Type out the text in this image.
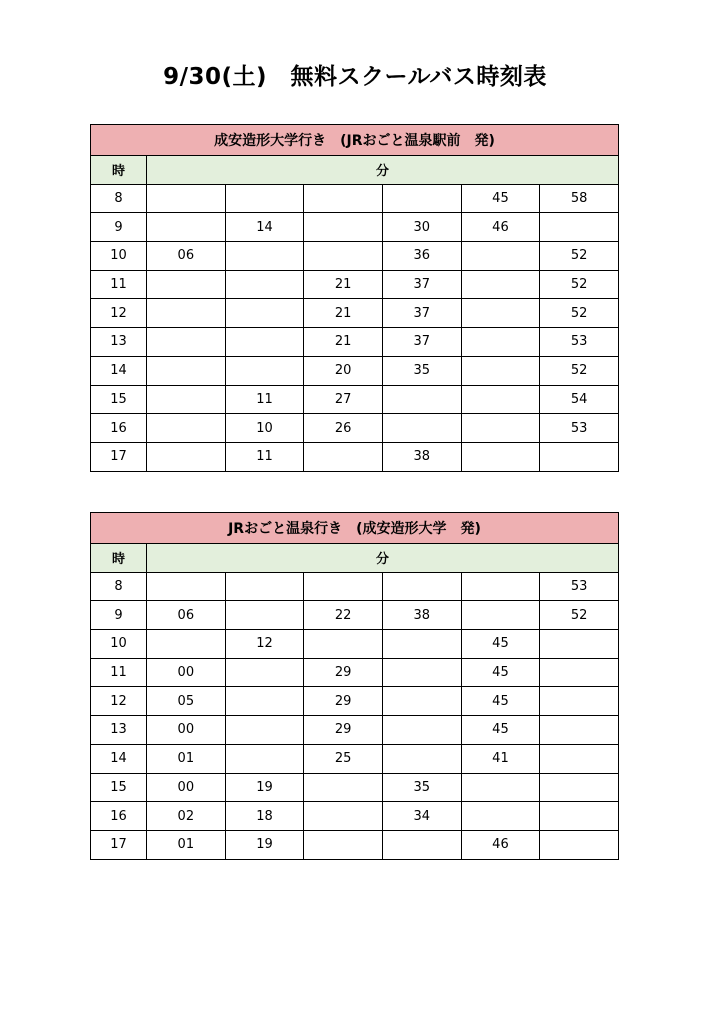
9/30(土)　無料スクールバス時刻表
成安造形大学行き　(JRおごと温泉駅前　発)						
時	分					
8					45	58
9		14		30	46	
10	06			36		52
11			21	37		52
12			21	37		52
13			21	37		53
14			20	35		52
15		11	27			54
16		10	26			53
17		11		38		
JRおごと温泉行き　(成安造形大学　発)						
時	分					
8						53
9	06		22	38		52
10		12			45	
11	00		29		45	
12	05		29		45	
13	00		29		45	
14	01		25		41	
15	00	19		35		
16	02	18		34		
17	01	19			46	
